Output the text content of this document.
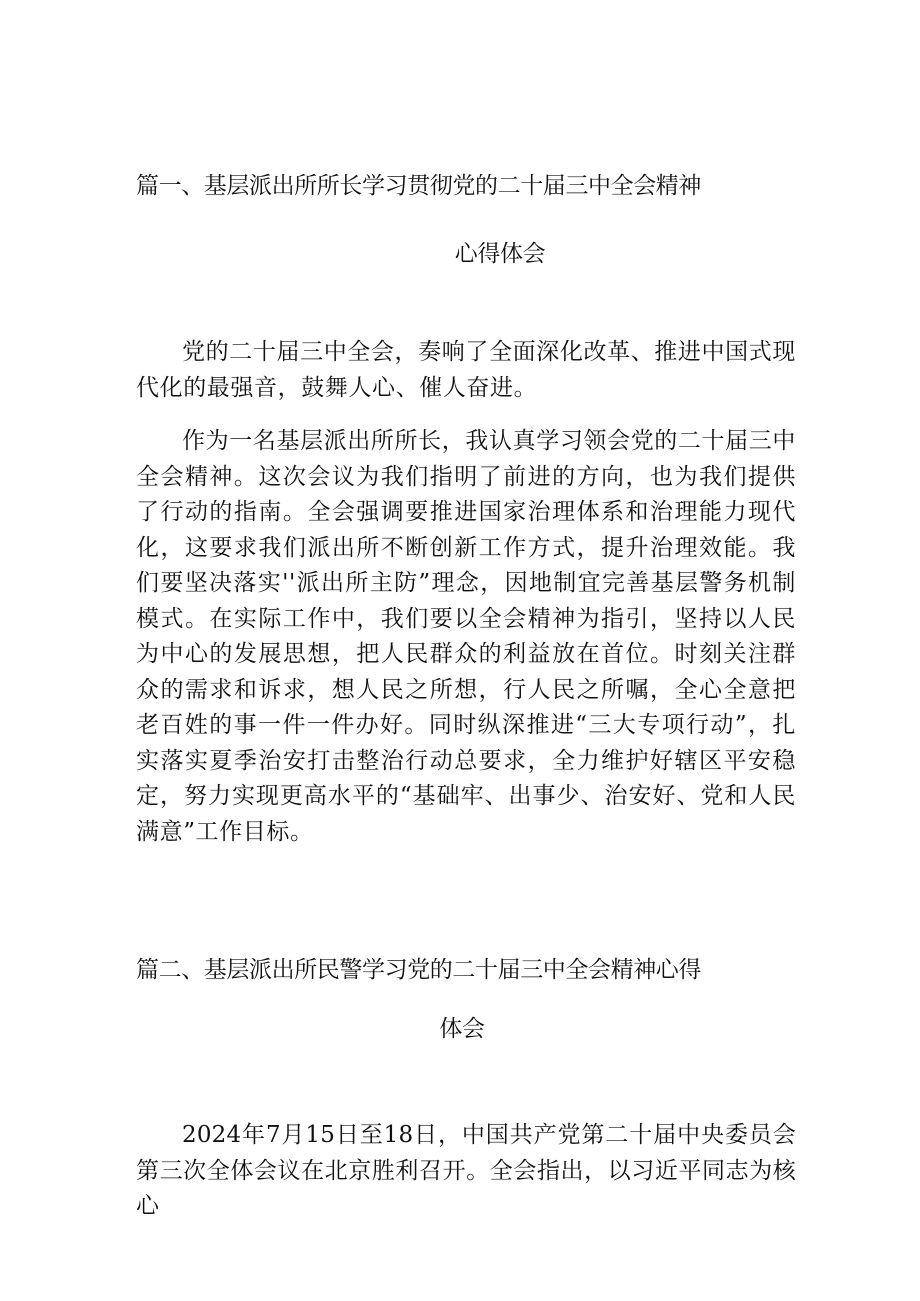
篇一、基层派出所所长学习贯彻党的二十届三中全会精神
心得体会

党的二十届三中全会，奏响了全面深化改革、推进中国式现代化的最强音，鼓舞人心、催人奋进。

作为一名基层派出所所长，我认真学习领会党的二十届三中全会精神。这次会议为我们指明了前进的方向，也为我们提供了行动的指南。全会强调要推进国家治理体系和治理能力现代化，这要求我们派出所不断创新工作方式，提升治理效能。我们要坚决落实''派出所主防”理念，因地制宜完善基层警务机制模式。在实际工作中，我们要以全会精神为指引，坚持以人民为中心的发展思想，把人民群众的利益放在首位。时刻关注群众的需求和诉求，想人民之所想，行人民之所嘱，全心全意把老百姓的事一件一件办好。同时纵深推进“三大专项行动”，扎实落实夏季治安打击整治行动总要求，全力维护好辖区平安稳定，努力实现更高水平的“基础牢、出事少、治安好、党和人民满意”工作目标。

篇二、基层派出所民警学习党的二十届三中全会精神心得
体会

2024年7月15日至18日，中国共产党第二十届中央委员会第三次全体会议在北京胜利召开。全会指出，以习近平同志为核心
